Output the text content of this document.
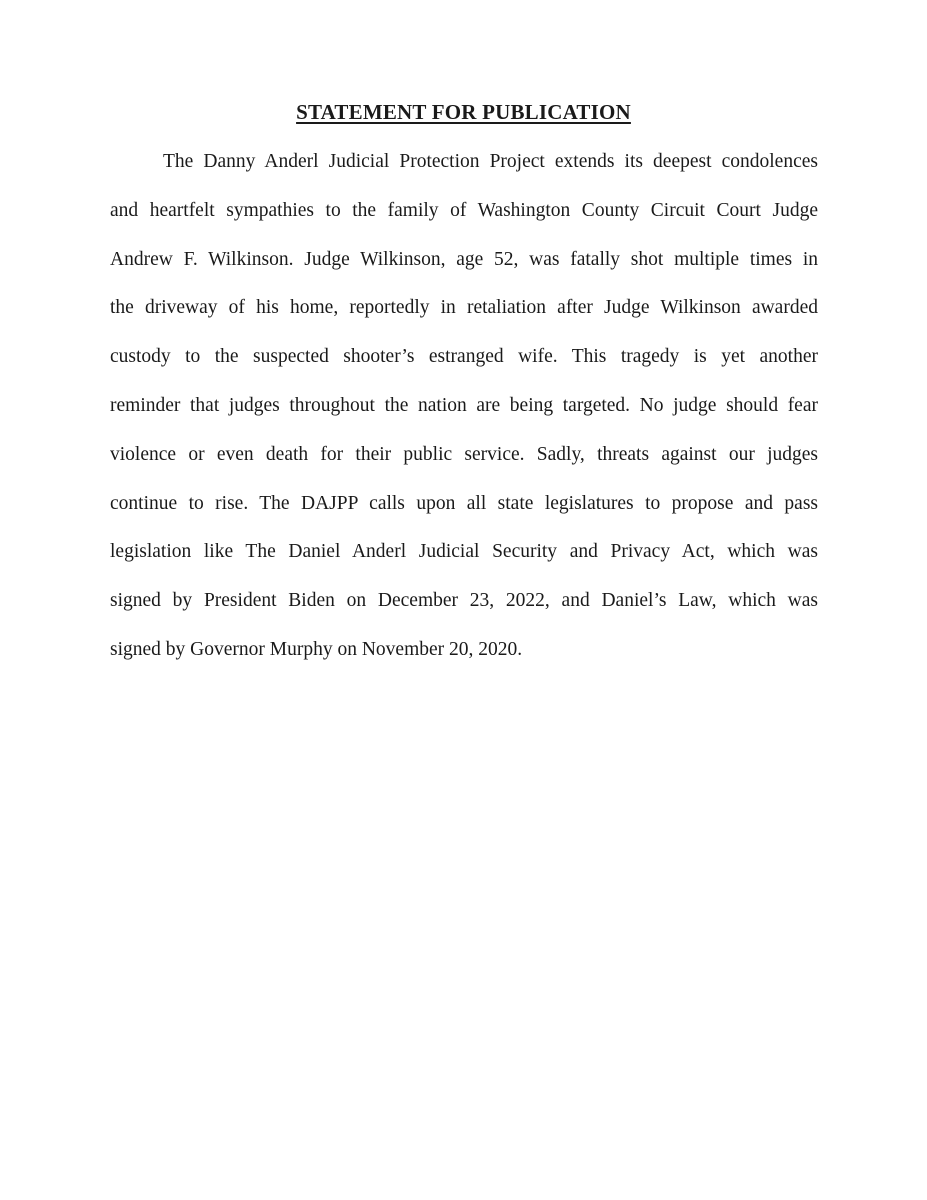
STATEMENT FOR PUBLICATION
The Danny Anderl Judicial Protection Project extends its deepest condolences
and heartfelt sympathies to the family of Washington County Circuit Court Judge
Andrew F. Wilkinson. Judge Wilkinson, age 52, was fatally shot multiple times in
the driveway of his home, reportedly in retaliation after Judge Wilkinson awarded
custody to the suspected shooter’s estranged wife. This tragedy is yet another
reminder that judges throughout the nation are being targeted. No judge should fear
violence or even death for their public service. Sadly, threats against our judges
continue to rise. The DAJPP calls upon all state legislatures to propose and pass
legislation like The Daniel Anderl Judicial Security and Privacy Act, which was
signed by President Biden on December 23, 2022, and Daniel’s Law, which was
signed by Governor Murphy on November 20, 2020.
